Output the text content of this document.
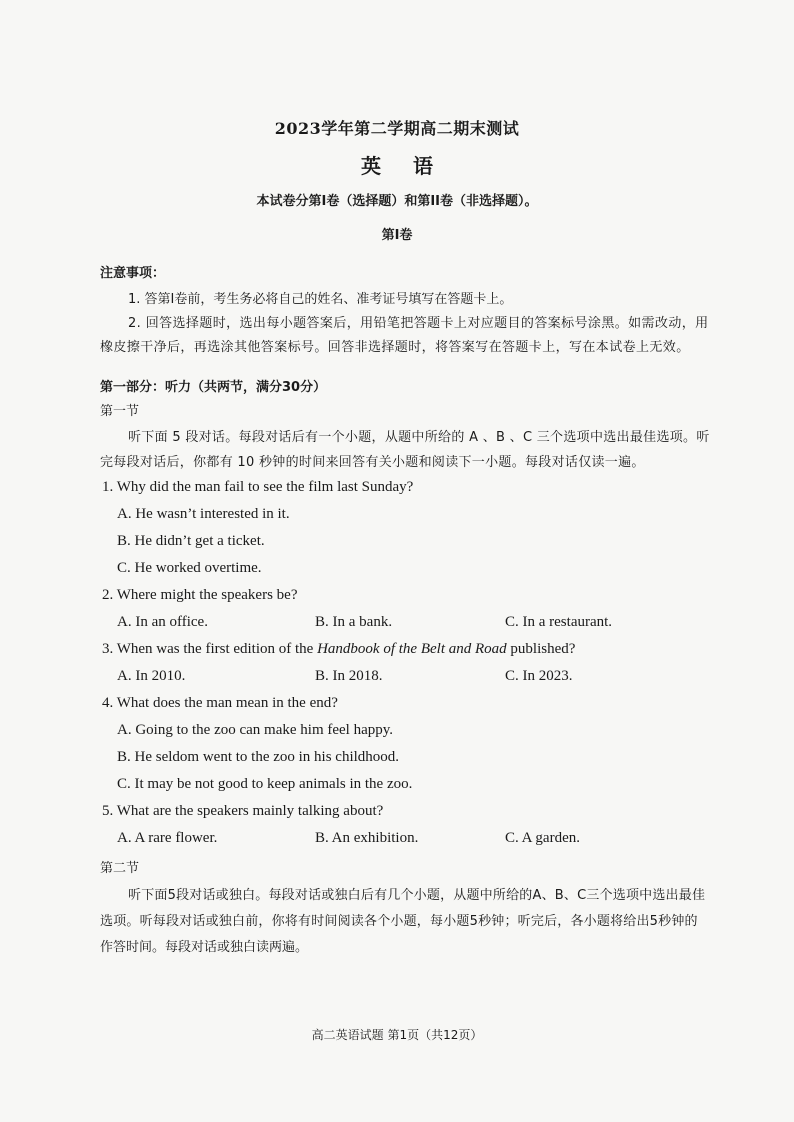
2023学年第二学期高二期末测试
英语
本试卷分第I卷（选择题）和第II卷（非选择题）。
第I卷
注意事项：
1. 答第I卷前，考生务必将自己的姓名、准考证号填写在答题卡上。
2. 回答选择题时，选出每小题答案后，用铅笔把答题卡上对应题目的答案标号涂黑。如需改动，用
橡皮擦干净后，再选涂其他答案标号。回答非选择题时，将答案写在答题卡上，写在本试卷上无效。
第一部分：听力（共两节，满分30分）
第一节
听下面 5 段对话。每段对话后有一个小题，从题中所给的 A 、B 、C 三个选项中选出最佳选项。听
完每段对话后，你都有 10 秒钟的时间来回答有关小题和阅读下一小题。每段对话仅读一遍。
1. Why did the man fail to see the film last Sunday?
A. He wasn’t interested in it.
B. He didn’t get a ticket.
C. He worked overtime.
2. Where might the speakers be?
A. In an office.	B. In a bank.	C. In a restaurant.
3. When was the first edition of the Handbook of the Belt and Road published?
A. In 2010.	B. In 2018.	C. In 2023.
4. What does the man mean in the end?
A. Going to the zoo can make him feel happy.
B. He seldom went to the zoo in his childhood.
C. It may be not good to keep animals in the zoo.
5. What are the speakers mainly talking about?
A. A rare flower.	B. An exhibition.	C. A garden.
第二节
听下面5段对话或独白。每段对话或独白后有几个小题，从题中所给的A、B、C三个选项中选出最佳
选项。听每段对话或独白前，你将有时间阅读各个小题，每小题5秒钟；听完后，各小题将给出5秒钟的
作答时间。每段对话或独白读两遍。
高二英语试题 第1页（共12页）
